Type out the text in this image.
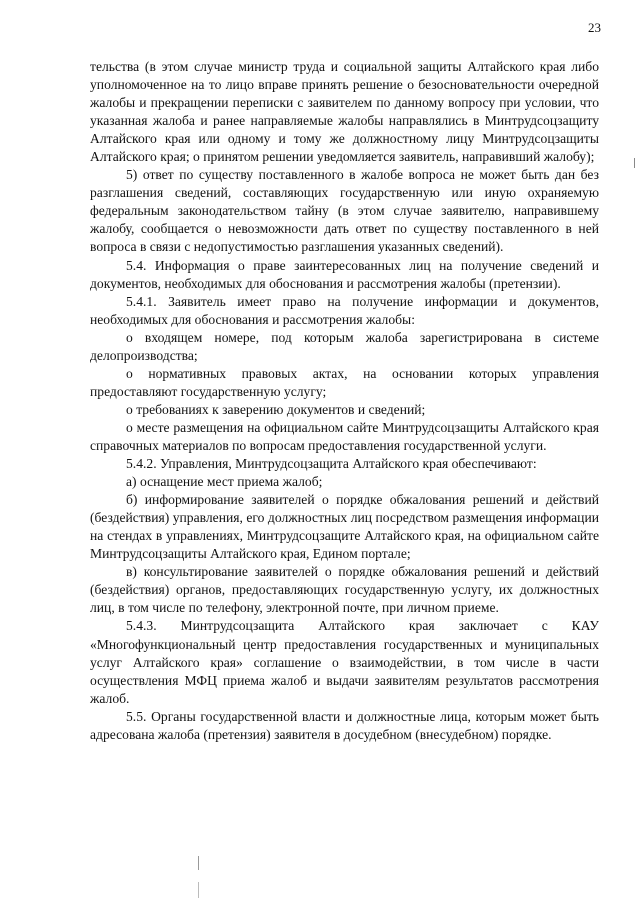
23

тельства (в этом случае министр труда и социальной защиты Алтайского края либо уполномоченное на то лицо вправе принять решение о безосновательности очередной жалобы и прекращении переписки с заявителем по данному вопросу при условии, что указанная жалоба и ранее направляемые жалобы направлялись в Минтрудсоцзащиту Алтайского края или одному и тому же должностному лицу Минтрудсоцзащиты Алтайского края; о принятом решении уведомляется заявитель, направивший жалобу);

5) ответ по существу поставленного в жалобе вопроса не может быть дан без разглашения сведений, составляющих государственную или иную охраняемую федеральным законодательством тайну (в этом случае заявителю, направившему жалобу, сообщается о невозможности дать ответ по существу поставленного в ней вопроса в связи с недопустимостью разглашения указанных сведений).

5.4. Информация о праве заинтересованных лиц на получение сведений и документов, необходимых для обоснования и рассмотрения жалобы (претензии).

5.4.1. Заявитель имеет право на получение информации и документов, необходимых для обоснования и рассмотрения жалобы:

о входящем номере, под которым жалоба зарегистрирована в системе делопроизводства;

о нормативных правовых актах, на основании которых управления предоставляют государственную услугу;

о требованиях к заверению документов и сведений;

о месте размещения на официальном сайте Минтрудсоцзащиты Алтайского края справочных материалов по вопросам предоставления государственной услуги.

5.4.2. Управления, Минтрудсоцзащита Алтайского края обеспечивают:

а) оснащение мест приема жалоб;

б) информирование заявителей о порядке обжалования решений и действий (бездействия) управления, его должностных лиц посредством размещения информации на стендах в управлениях, Минтрудсоцзащите Алтайского края, на официальном сайте Минтрудсоцзащиты Алтайского края, Едином портале;

в) консультирование заявителей о порядке обжалования решений и действий (бездействия) органов, предоставляющих государственную услугу, их должностных лиц, в том числе по телефону, электронной почте, при личном приеме.

5.4.3. Минтрудсоцзащита Алтайского края заключает с КАУ «Многофункциональный центр предоставления государственных и муниципальных услуг Алтайского края» соглашение о взаимодействии, в том числе в части осуществления МФЦ приема жалоб и выдачи заявителям результатов рассмотрения жалоб.

5.5. Органы государственной власти и должностные лица, которым может быть адресована жалоба (претензия) заявителя в досудебном (внесудебном) порядке.
